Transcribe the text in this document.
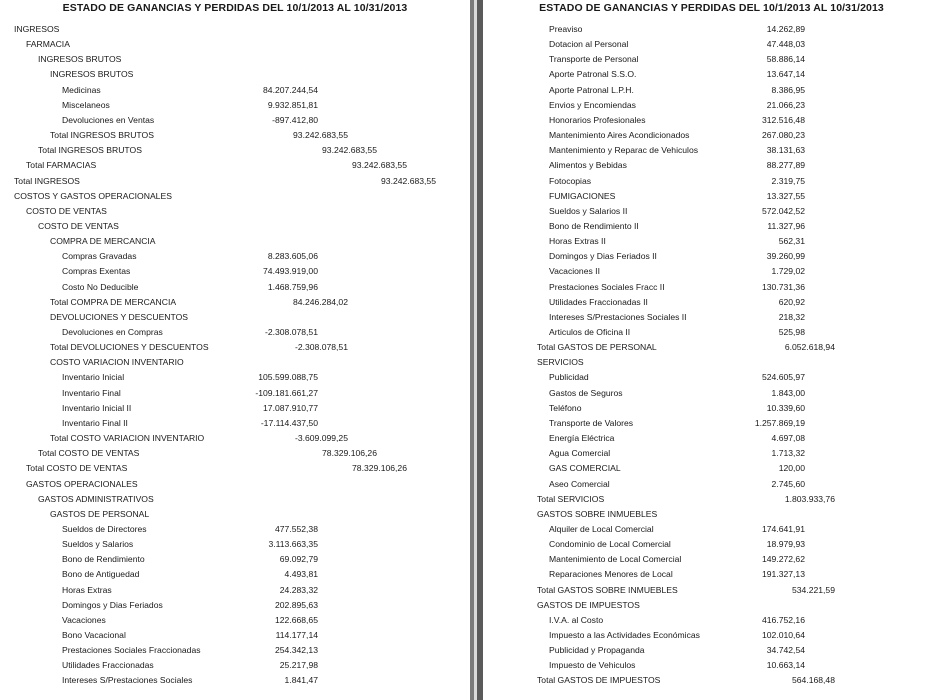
ESTADO DE GANANCIAS Y PERDIDAS DEL 10/1/2013 AL 10/31/2013
INGRESOS
FARMACIA
INGRESOS BRUTOS
INGRESOS BRUTOS
Medicinas	84.207.244,54
Miscelaneos	9.932.851,81
Devoluciones en Ventas	-897.412,80
Total INGRESOS BRUTOS	93.242.683,55
Total INGRESOS BRUTOS	93.242.683,55
Total FARMACIAS	93.242.683,55
Total INGRESOS	93.242.683,55
COSTOS Y GASTOS OPERACIONALES
COSTO DE VENTAS
COSTO DE VENTAS
COMPRA DE MERCANCIA
Compras Gravadas	8.283.605,06
Compras Exentas	74.493.919,00
Costo No Deducible	1.468.759,96
Total COMPRA DE MERCANCIA	84.246.284,02
DEVOLUCIONES Y DESCUENTOS
Devoluciones en Compras	-2.308.078,51
Total DEVOLUCIONES Y DESCUENTOS	-2.308.078,51
COSTO VARIACION INVENTARIO
Inventario Inicial	105.599.088,75
Inventario Final	-109.181.661,27
Inventario Inicial II	17.087.910,77
Inventario Final II	-17.114.437,50
Total COSTO VARIACION INVENTARIO	-3.609.099,25
Total COSTO DE VENTAS	78.329.106,26
Total COSTO DE VENTAS	78.329.106,26
GASTOS OPERACIONALES
GASTOS ADMINISTRATIVOS
GASTOS DE PERSONAL
Sueldos de Directores	477.552,38
Sueldos y Salarios	3.113.663,35
Bono de Rendimiento	69.092,79
Bono de Antiguedad	4.493,81
Horas Extras	24.283,32
Domingos y Dias Feriados	202.895,63
Vacaciones	122.668,65
Bono Vacacional	114.177,14
Prestaciones Sociales Fraccionadas	254.342,13
Utilidades Fraccionadas	25.217,98
Intereses S/Prestaciones Sociales	1.841,47
ESTADO DE GANANCIAS Y PERDIDAS DEL 10/1/2013 AL 10/31/2013
Preaviso	14.262,89
Dotacion al Personal	47.448,03
Transporte de Personal	58.886,14
Aporte Patronal S.S.O.	13.647,14
Aporte Patronal L.P.H.	8.386,95
Envios y Encomiendas	21.066,23
Honorarios Profesionales	312.516,48
Mantenimiento Aires Acondicionados	267.080,23
Mantenimiento y Reparac de Vehiculos	38.131,63
Alimentos y Bebidas	88.277,89
Fotocopias	2.319,75
FUMIGACIONES	13.327,55
Sueldos y Salarios II	572.042,52
Bono de Rendimiento II	11.327,96
Horas Extras II	562,31
Domingos y Dias Feriados II	39.260,99
Vacaciones II	1.729,02
Prestaciones Sociales Fracc II	130.731,36
Utilidades Fraccionadas II	620,92
Intereses S/Prestaciones Sociales II	218,32
Articulos de Oficina II	525,98
Total GASTOS DE PERSONAL	6.052.618,94
SERVICIOS
Publicidad	524.605,97
Gastos de Seguros	1.843,00
Teléfono	10.339,60
Transporte de Valores	1.257.869,19
Energía Eléctrica	4.697,08
Agua Comercial	1.713,32
GAS COMERCIAL	120,00
Aseo Comercial	2.745,60
Total SERVICIOS	1.803.933,76
GASTOS SOBRE INMUEBLES
Alquiler de Local Comercial	174.641,91
Condominio de Local Comercial	18.979,93
Mantenimiento de Local Comercial	149.272,62
Reparaciones Menores de Local	191.327,13
Total GASTOS SOBRE INMUEBLES	534.221,59
GASTOS DE IMPUESTOS
I.V.A. al Costo	416.752,16
Impuesto a las Actividades Económicas	102.010,64
Publicidad y Propaganda	34.742,54
Impuesto de Vehiculos	10.663,14
Total GASTOS DE IMPUESTOS	564.168,48
